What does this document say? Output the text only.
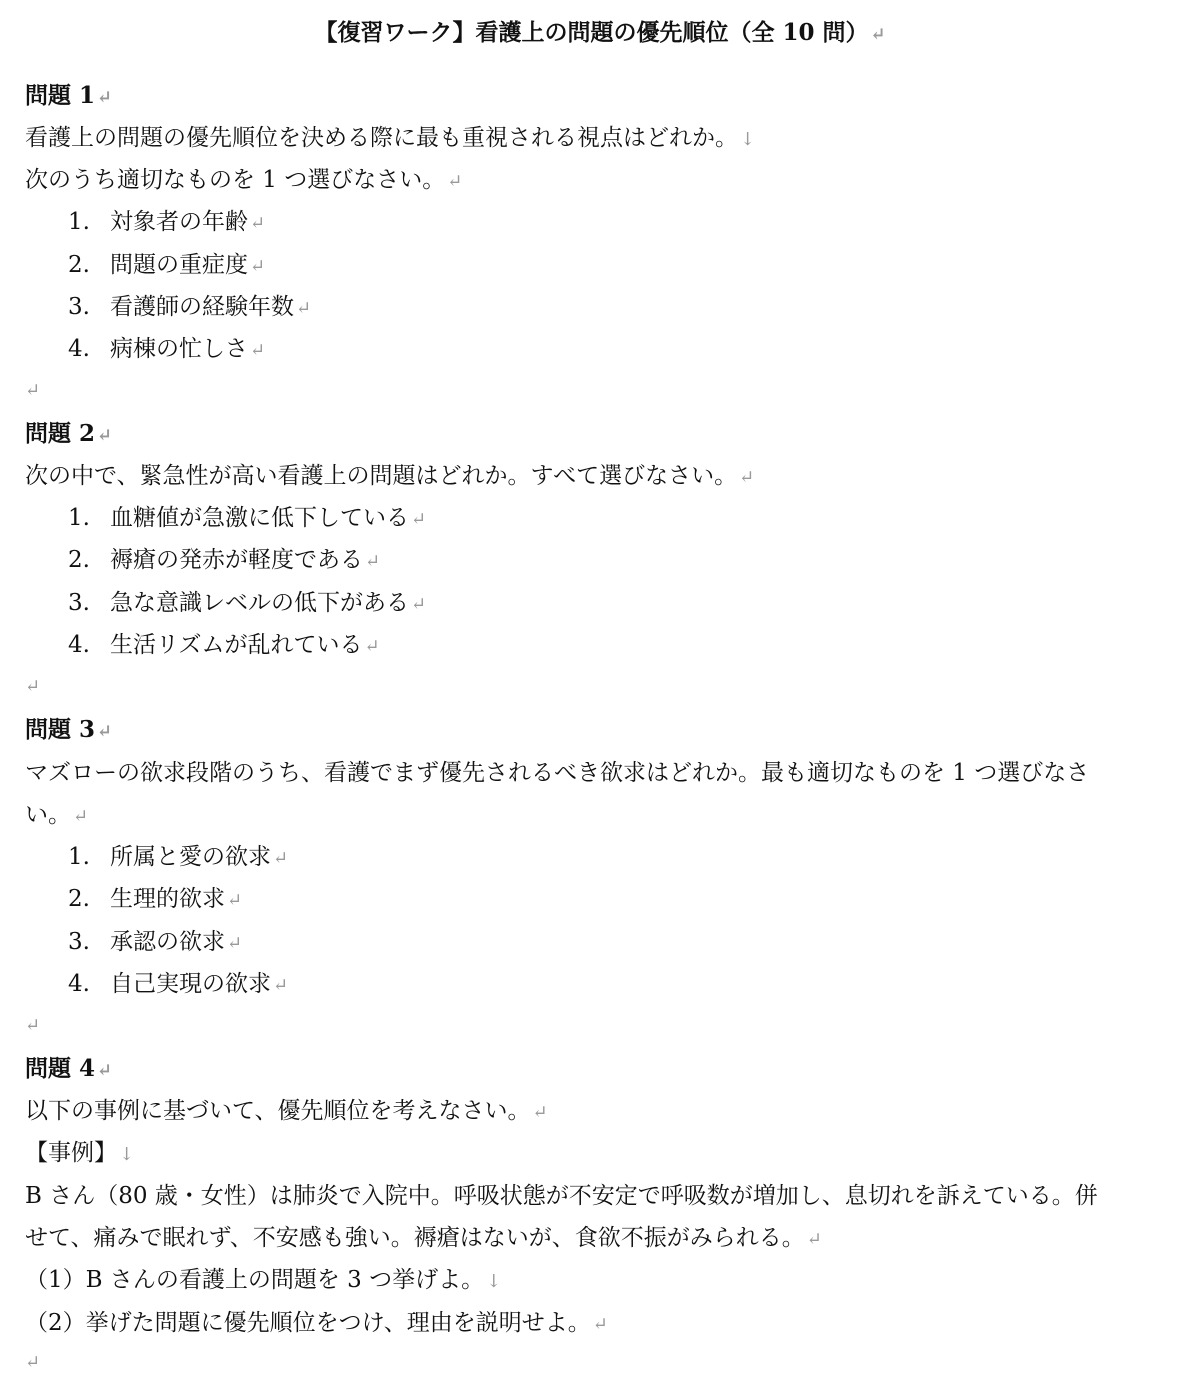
【復習ワーク】看護上の問題の優先順位（全 10 問） ↵
問題 1 ↵
看護上の問題の優先順位を決める際に最も重視される視点はどれか。 ↓
次のうち適切なものを 1 つ選びなさい。 ↵
1. 対象者の年齢 ↵
2. 問題の重症度 ↵
3. 看護師の経験年数 ↵
4. 病棟の忙しさ ↵
↵
問題 2 ↵
次の中で、緊急性が高い看護上の問題はどれか。すべて選びなさい。 ↵
1. 血糖値が急激に低下している ↵
2. 褥瘡の発赤が軽度である ↵
3. 急な意識レベルの低下がある ↵
4. 生活リズムが乱れている ↵
↵
問題 3 ↵
マズローの欲求段階のうち、看護でまず優先されるべき欲求はどれか。最も適切なものを 1 つ選びなさ
い。 ↵
1. 所属と愛の欲求 ↵
2. 生理的欲求 ↵
3. 承認の欲求 ↵
4. 自己実現の欲求 ↵
↵
問題 4 ↵
以下の事例に基づいて、優先順位を考えなさい。 ↵
【事例】 ↓
B さん（80 歳・女性）は肺炎で入院中。呼吸状態が不安定で呼吸数が増加し、息切れを訴えている。併
せて、痛みで眠れず、不安感も強い。褥瘡はないが、食欲不振がみられる。 ↵
（1）B さんの看護上の問題を 3 つ挙げよ。 ↓
（2）挙げた問題に優先順位をつけ、理由を説明せよ。 ↵
↵
